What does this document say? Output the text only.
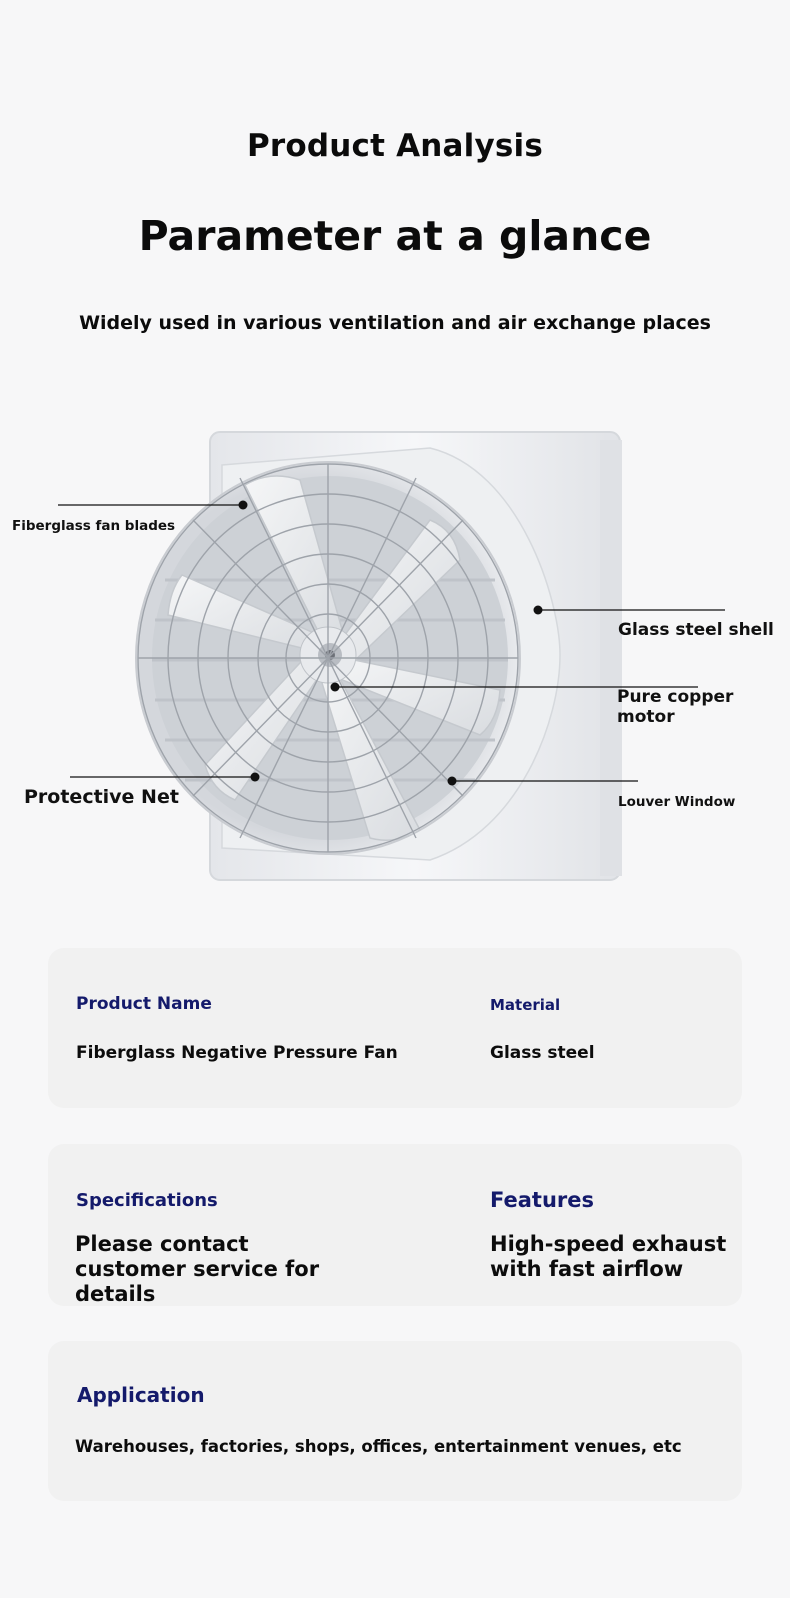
Product Analysis
Parameter at a glance
Widely used in various ventilation and air exchange places
Fiberglass fan blades
Glass steel shell
Pure copper motor
Protective Net	Louver Window
Product Name
Fiberglass Negative Pressure Fan
Material
Glass steel
Specifications
Please contact customer service for details
Features
High-speed exhaust with fast airflow
Application
Warehouses, factories, shops, offices, entertainment venues, etc
